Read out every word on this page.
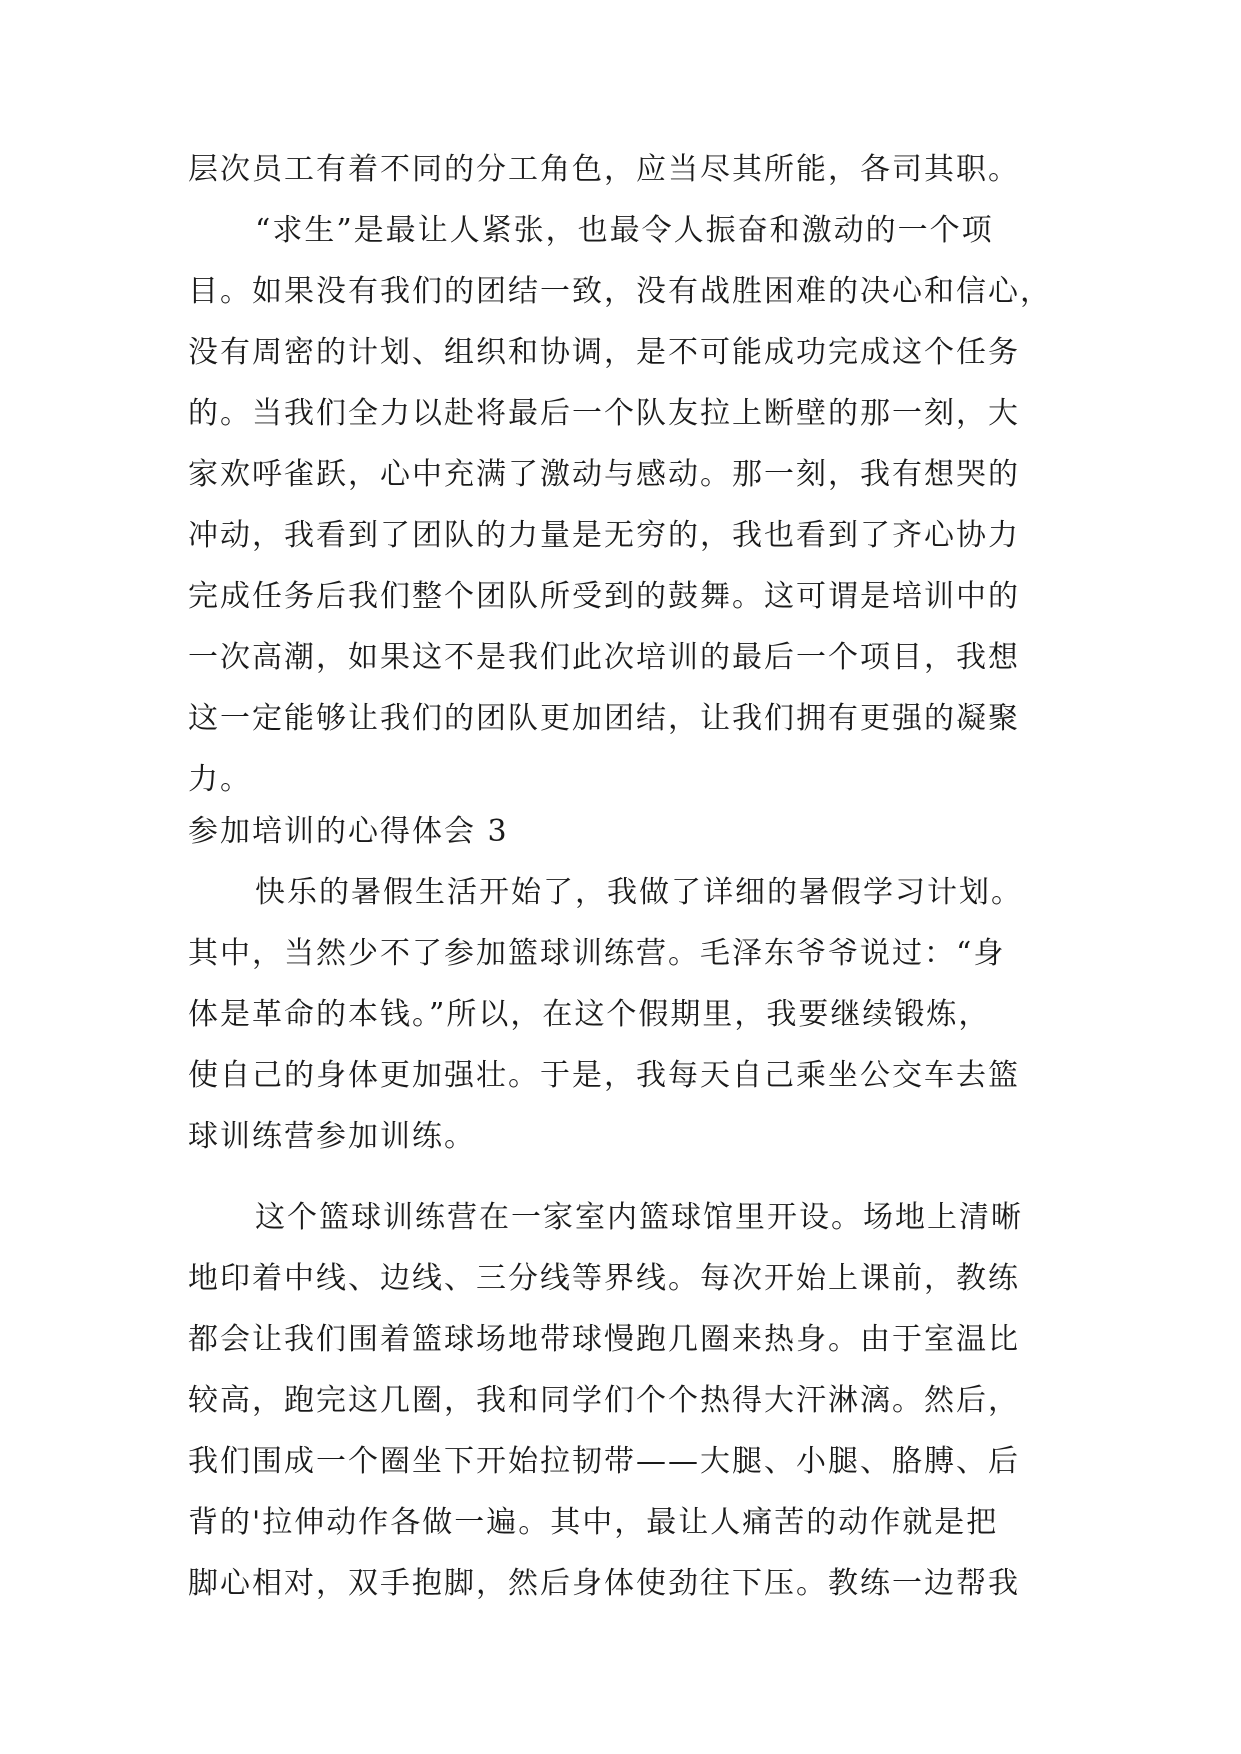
层次员工有着不同的分工角色，应当尽其所能，各司其职。
“求生”是最让人紧张，也最令人振奋和激动的一个项
目。如果没有我们的团结一致，没有战胜困难的决心和信心，
没有周密的计划、组织和协调，是不可能成功完成这个任务
的。当我们全力以赴将最后一个队友拉上断壁的那一刻，大
家欢呼雀跃，心中充满了激动与感动。那一刻，我有想哭的
冲动，我看到了团队的力量是无穷的，我也看到了齐心协力
完成任务后我们整个团队所受到的鼓舞。这可谓是培训中的
一次高潮，如果这不是我们此次培训的最后一个项目，我想
这一定能够让我们的团队更加团结，让我们拥有更强的凝聚
力。
参加培训的心得体会 3
快乐的暑假生活开始了，我做了详细的暑假学习计划。
其中，当然少不了参加篮球训练营。毛泽东爷爷说过：“身
体是革命的本钱。”所以，在这个假期里，我要继续锻炼，
使自己的身体更加强壮。于是，我每天自己乘坐公交车去篮
球训练营参加训练。
这个篮球训练营在一家室内篮球馆里开设。场地上清晰
地印着中线、边线、三分线等界线。每次开始上课前，教练
都会让我们围着篮球场地带球慢跑几圈来热身。由于室温比
较高，跑完这几圈，我和同学们个个热得大汗淋漓。然后，
我们围成一个圈坐下开始拉韧带——大腿、小腿、胳膊、后
背的'拉伸动作各做一遍。其中，最让人痛苦的动作就是把
脚心相对，双手抱脚，然后身体使劲往下压。教练一边帮我
